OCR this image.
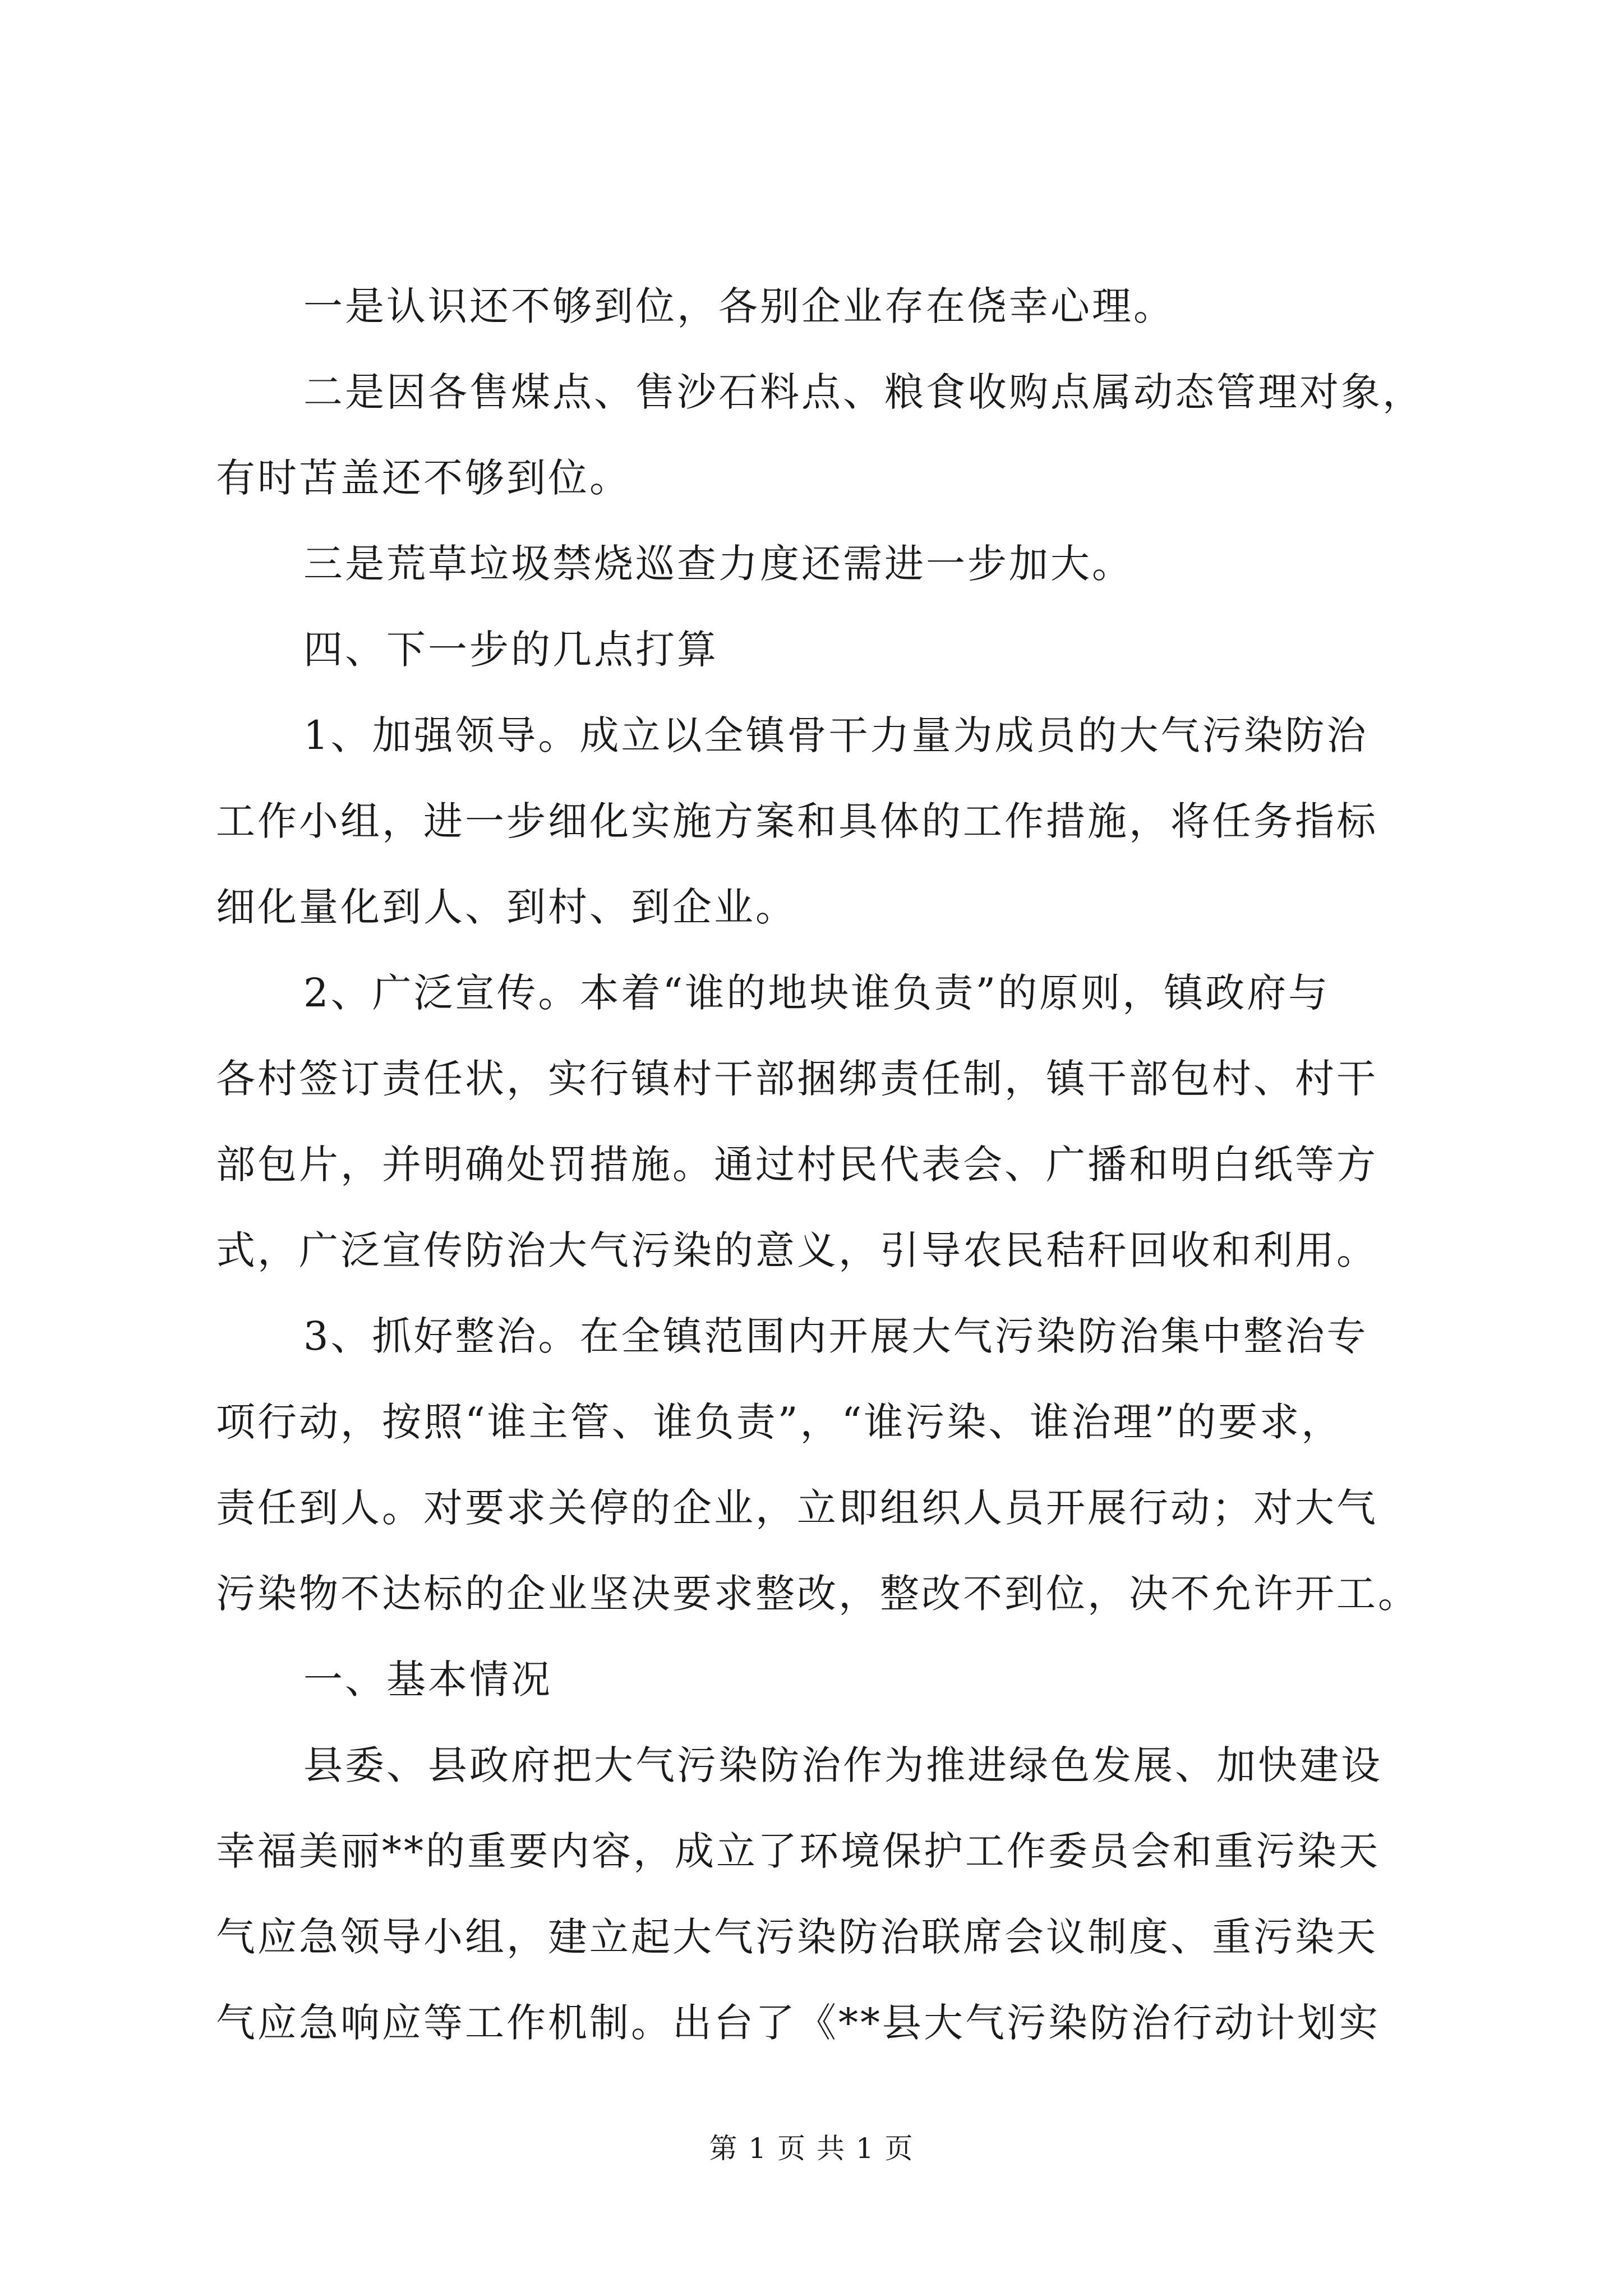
一是认识还不够到位，各别企业存在侥幸心理。

二是因各售煤点、售沙石料点、粮食收购点属动态管理对象，
有时苫盖还不够到位。

三是荒草垃圾禁烧巡查力度还需进一步加大。

四、下一步的几点打算

1、加强领导。成立以全镇骨干力量为成员的大气污染防治
工作小组，进一步细化实施方案和具体的工作措施，将任务指标
细化量化到人、到村、到企业。

2、广泛宣传。本着“谁的地块谁负责”的原则，镇政府与
各村签订责任状，实行镇村干部捆绑责任制，镇干部包村、村干
部包片，并明确处罚措施。通过村民代表会、广播和明白纸等方
式，广泛宣传防治大气污染的意义，引导农民秸秆回收和利用。

3、抓好整治。在全镇范围内开展大气污染防治集中整治专
项行动，按照“谁主管、谁负责”，“谁污染、谁治理”的要求，
责任到人。对要求关停的企业，立即组织人员开展行动；对大气
污染物不达标的企业坚决要求整改，整改不到位，决不允许开工。

一、基本情况

县委、县政府把大气污染防治作为推进绿色发展、加快建设
幸福美丽**的重要内容，成立了环境保护工作委员会和重污染天
气应急领导小组，建立起大气污染防治联席会议制度、重污染天
气应急响应等工作机制。出台了《**县大气污染防治行动计划实

第 1 页 共 1 页
